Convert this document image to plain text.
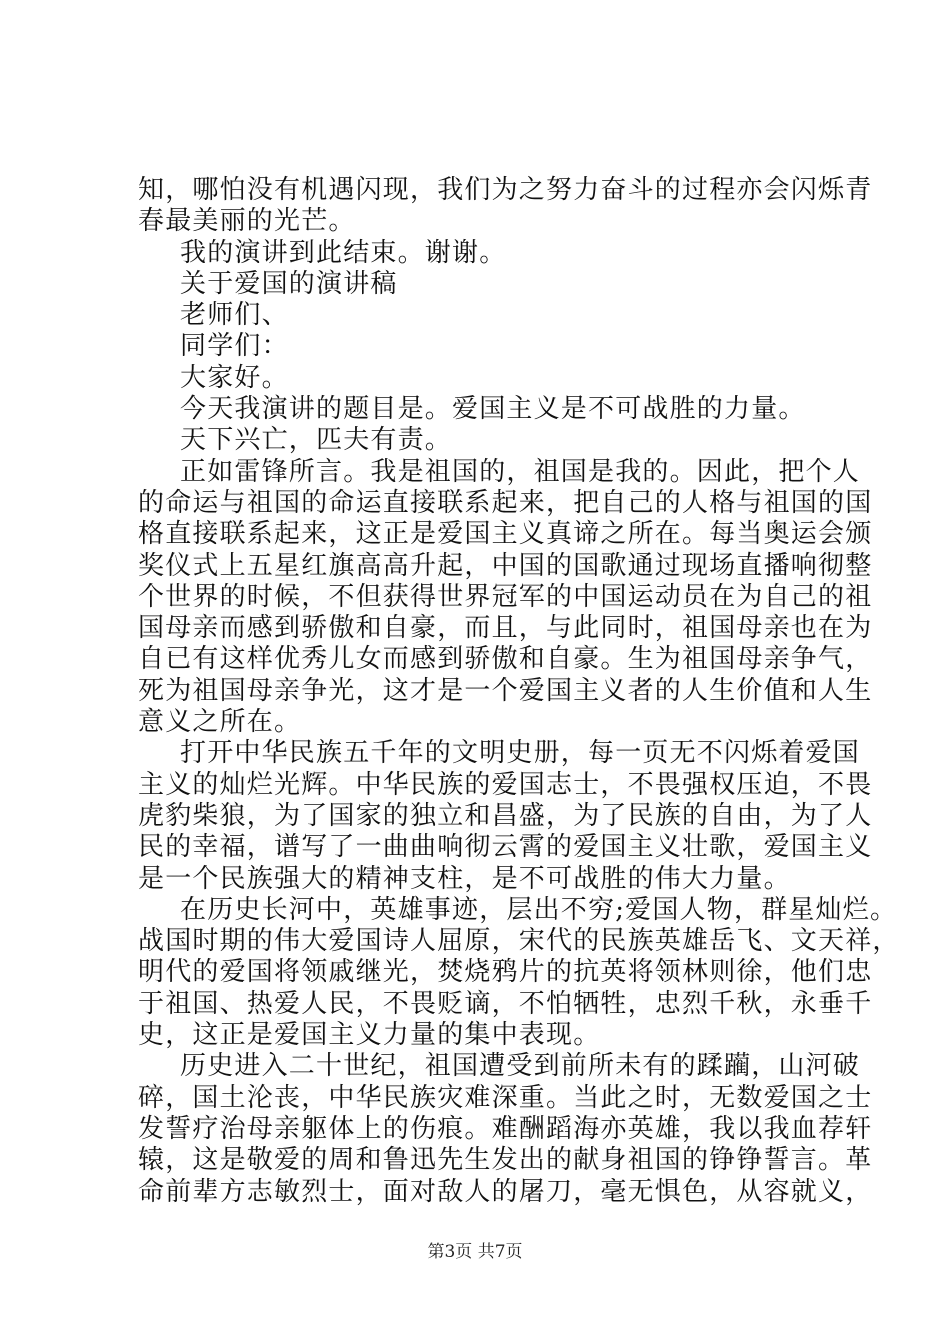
知，哪怕没有机遇闪现，我们为之努力奋斗的过程亦会闪烁青
春最美丽的光芒。
我的演讲到此结束。谢谢。
关于爱国的演讲稿
老师们、
同学们：
大家好。
今天我演讲的题目是。爱国主义是不可战胜的力量。
天下兴亡，匹夫有责。
正如雷锋所言。我是祖国的，祖国是我的。因此，把个人
的命运与祖国的命运直接联系起来，把自己的人格与祖国的国
格直接联系起来，这正是爱国主义真谛之所在。每当奥运会颁
奖仪式上五星红旗高高升起，中国的国歌通过现场直播响彻整
个世界的时候，不但获得世界冠军的中国运动员在为自己的祖
国母亲而感到骄傲和自豪，而且，与此同时，祖国母亲也在为
自已有这样优秀儿女而感到骄傲和自豪。生为祖国母亲争气，
死为祖国母亲争光，这才是一个爱国主义者的人生价值和人生
意义之所在。
打开中华民族五千年的文明史册，每一页无不闪烁着爱国
主义的灿烂光辉。中华民族的爱国志士，不畏强权压迫，不畏
虎豹柴狼，为了国家的独立和昌盛，为了民族的自由，为了人
民的幸福，谱写了一曲曲响彻云霄的爱国主义壮歌，爱国主义
是一个民族强大的精神支柱，是不可战胜的伟大力量。
在历史长河中，英雄事迹，层出不穷;爱国人物，群星灿烂。
战国时期的伟大爱国诗人屈原，宋代的民族英雄岳飞、文天祥，
明代的爱国将领戚继光，焚烧鸦片的抗英将领林则徐，他们忠
于祖国、热爱人民，不畏贬谪，不怕牺牲，忠烈千秋，永垂千
史，这正是爱国主义力量的集中表现。
历史进入二十世纪，祖国遭受到前所未有的蹂躏，山河破
碎，国土沦丧，中华民族灾难深重。当此之时，无数爱国之士
发誓疗治母亲躯体上的伤痕。难酬蹈海亦英雄，我以我血荐轩
辕，这是敬爱的周和鲁迅先生发出的献身祖国的铮铮誓言。革
命前辈方志敏烈士，面对敌人的屠刀，毫无惧色，从容就义，
第3页 共7页
